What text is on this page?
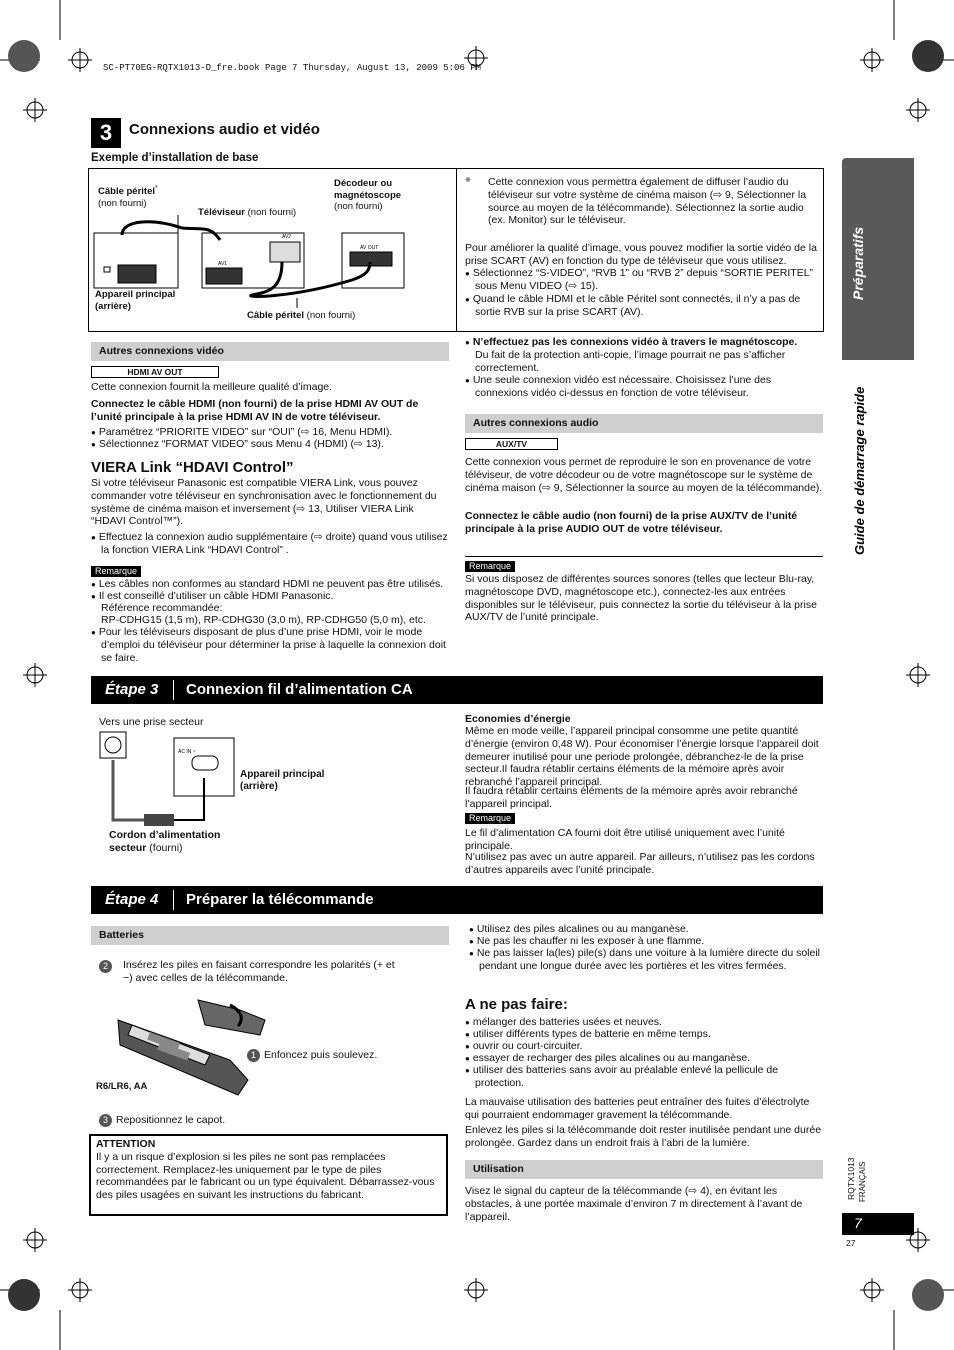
SC-PT70EG-RQTX1013-D_fre.book Page 7 Thursday, August 13, 2009 5:06 PM
Préparatifs
Guide de démarrage rapide
RQTX1013 FRANÇAIS
7
27
3	Connexions audio et vidéo
Exemple d’installation de base
Câble péritel*
(non fourni)
Téléviseur (non fourni)
Décodeur ou magnétoscope
(non fourni)
Appareil principal (arrière)
Câble péritel (non fourni)
AV1
AV2
AV OUT
※ Cette connexion vous permettra également de diffuser l’audio du téléviseur sur votre système de cinéma maison (⇨ 9, Sélectionner la source au moyen de la télécommande). Sélectionnez la sortie audio (ex. Monitor) sur le téléviseur.
Pour améliorer la qualité d’image, vous pouvez modifier la sortie vidéo de la prise SCART (AV) en fonction du type de téléviseur que vous utilisez.
● Sélectionnez “S-VIDEO”, “RVB 1” ou “RVB 2” depuis “SORTIE PERITEL” sous Menu VIDEO (⇨ 15).
● Quand le câble HDMI et le câble Péritel sont connectés, il n’y a pas de sortie RVB sur la prise SCART (AV).
Autres connexions vidéo
HDMI AV OUT
Cette connexion fournit la meilleure qualité d’image.
Connectez le câble HDMI (non fourni) de la prise HDMI AV OUT de l’unité principale à la prise HDMI AV IN de votre téléviseur.
● Paramétrez “PRIORITE VIDEO” sur “OUI” (⇨ 16, Menu HDMI).
● Sélectionnez “FORMAT VIDEO” sous Menu 4 (HDMI) (⇨ 13).
VIERA Link “HDAVI Control”
Si votre téléviseur Panasonic est compatible VIERA Link, vous pouvez commander votre téléviseur en synchronisation avec le fonctionnement du système de cinéma maison et inversement (⇨ 13, Utiliser VIERA Link “HDAVI Control™”).
● Effectuez la connexion audio supplémentaire (⇨ droite) quand vous utilisez la fonction VIERA Link “HDAVI Control” .
Remarque
● Les câbles non conformes au standard HDMI ne peuvent pas être utilisés.
● Il est conseillé d’utiliser un câble HDMI Panasonic.
Référence recommandée:
RP-CDHG15 (1,5 m), RP-CDHG30 (3,0 m), RP-CDHG50 (5,0 m), etc.
● Pour les téléviseurs disposant de plus d’une prise HDMI, voir le mode d’emploi du téléviseur pour déterminer la prise à laquelle la connexion doit se faire.
● N’effectuez pas les connexions vidéo à travers le magnétoscope.
Du fait de la protection anti-copie, l’image pourrait ne pas s’afficher correctement.
● Une seule connexion vidéo est nécessaire. Choisissez l’une des connexions vidéo ci-dessus en fonction de votre téléviseur.
Autres connexions audio
AUX/TV
Cette connexion vous permet de reproduire le son en provenance de votre téléviseur, de votre décodeur ou de votre magnétoscope sur le système de cinéma maison (⇨ 9, Sélectionner la source au moyen de la télécommande).
Connectez le câble audio (non fourni) de la prise AUX/TV de l’unité principale à la prise AUDIO OUT de votre téléviseur.
Remarque
Si vous disposez de différentes sources sonores (telles que lecteur Blu-ray, magnétoscope DVD, magnétoscope etc.), connectez-les aux entrées disponibles sur le téléviseur, puis connectez la sortie du téléviseur à la prise AUX/TV de l’unité principale.
Étape 3	Connexion fil d’alimentation CA
Vers une prise secteur
AC IN ~
Appareil principal (arrière)
Cordon d’alimentation secteur (fourni)
Economies d’énergie
Même en mode veille, l’appareil principal consomme une petite quantité d’énergie (environ 0,48 W). Pour économiser l’énergie lorsque l’appareil doit demeurer inutilisé pour une periode prolongée, débranchez-le de la prise secteur.Il faudra rétablir certains éléments de la mémoire après avoir rebranché l’appareil principal.
Il faudra rétablir certains éléments de la mémoire après avoir rebranché l’appareil principal.
Remarque
Le fil d’alimentation CA fourni doit être utilisé uniquement avec l’unité principale.
N’utilisez pas avec un autre appareil. Par ailleurs, n’utilisez pas les cordons d’autres appareils avec l’unité principale.
Étape 4	Préparer la télécommande
Batteries
2	Insérez les piles en faisant correspondre les polarités (+ et −) avec celles de la télécommande.
1 Enfoncez puis soulevez.
R6/LR6, AA
3 Repositionnez le capot.
ATTENTION
Il y a un risque d’explosion si les piles ne sont pas remplacées correctement. Remplacez-les uniquement par le type de piles recommandées par le fabricant ou un type équivalent. Débarrassez-vous des piles usagées en suivant les instructions du fabricant.
● Utilisez des piles alcalines ou au manganèse.
● Ne pas les chauffer ni les exposer à une flamme.
● Ne pas laisser la(les) pile(s) dans une voiture à la lumière directe du soleil pendant une longue durée avec les portières et les vitres fermées.
A ne pas faire:
● mélanger des batteries usées et neuves.
● utiliser différents types de batterie en même temps.
● ouvrir ou court-circuiter.
● essayer de recharger des piles alcalines ou au manganèse.
● utiliser des batteries sans avoir au préalable enlevé la pellicule de protection.
La mauvaise utilisation des batteries peut entraîner des fuites d’électrolyte qui pourraient endommager gravement la télécommande.
Enlevez les piles si la télécommande doit rester inutilisée pendant une durée prolongée. Gardez dans un endroit frais à l’abri de la lumière.
Utilisation
Visez le signal du capteur de la télécommande (⇨ 4), en évitant les obstacles, à une portée maximale d’environ 7 m directement à l’avant de l’appareil.
